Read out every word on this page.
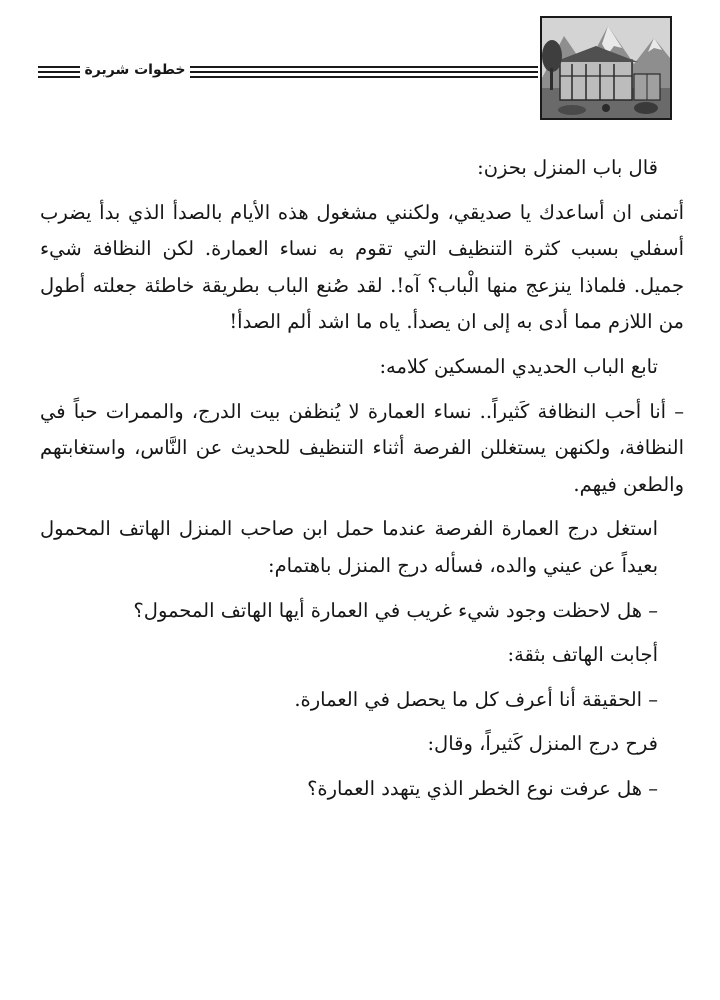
خطوات شريرة

قال باب المنزل بحزن:

أتمنى ان أساعدك يا صديقي، ولكنني مشغول هذه الأيام بالصدأ الذي بدأ يضرب أسفلي بسبب كثرة التنظيف التي تقوم به نساء العمارة. لكن النظافة شيء جميل. فلماذا ينزعج منها الْباب؟ آه!. لقد صُنع الباب بطريقة خاطئة جعلته أطول من اللازم مما أدى به إلى ان يصدأ. ياه ما اشد ألم الصدأ!

تابع الباب الحديدي المسكين كلامه:

– أنا أحب النظافة كَثيراً.. نساء العمارة لا يُنظفن بيت الدرج، والممرات حباً في النظافة، ولكنهن يستغللن الفرصة أثناء التنظيف للحديث عن النَّاس، واستغابتهم والطعن فيهم.

استغل درج العمارة الفرصة عندما حمل ابن صاحب المنزل الهاتف المحمول بعيداً عن عيني والده، فسأله درج المنزل باهتمام:

– هل لاحظت وجود شيء غريب في العمارة أيها الهاتف المحمول؟

أجابت الهاتف بثقة:

– الحقيقة أنا أعرف كل ما يحصل في العمارة.

فرح درج المنزل كَثيراً، وقال:

– هل عرفت نوع الخطر الذي يتهدد العمارة؟
